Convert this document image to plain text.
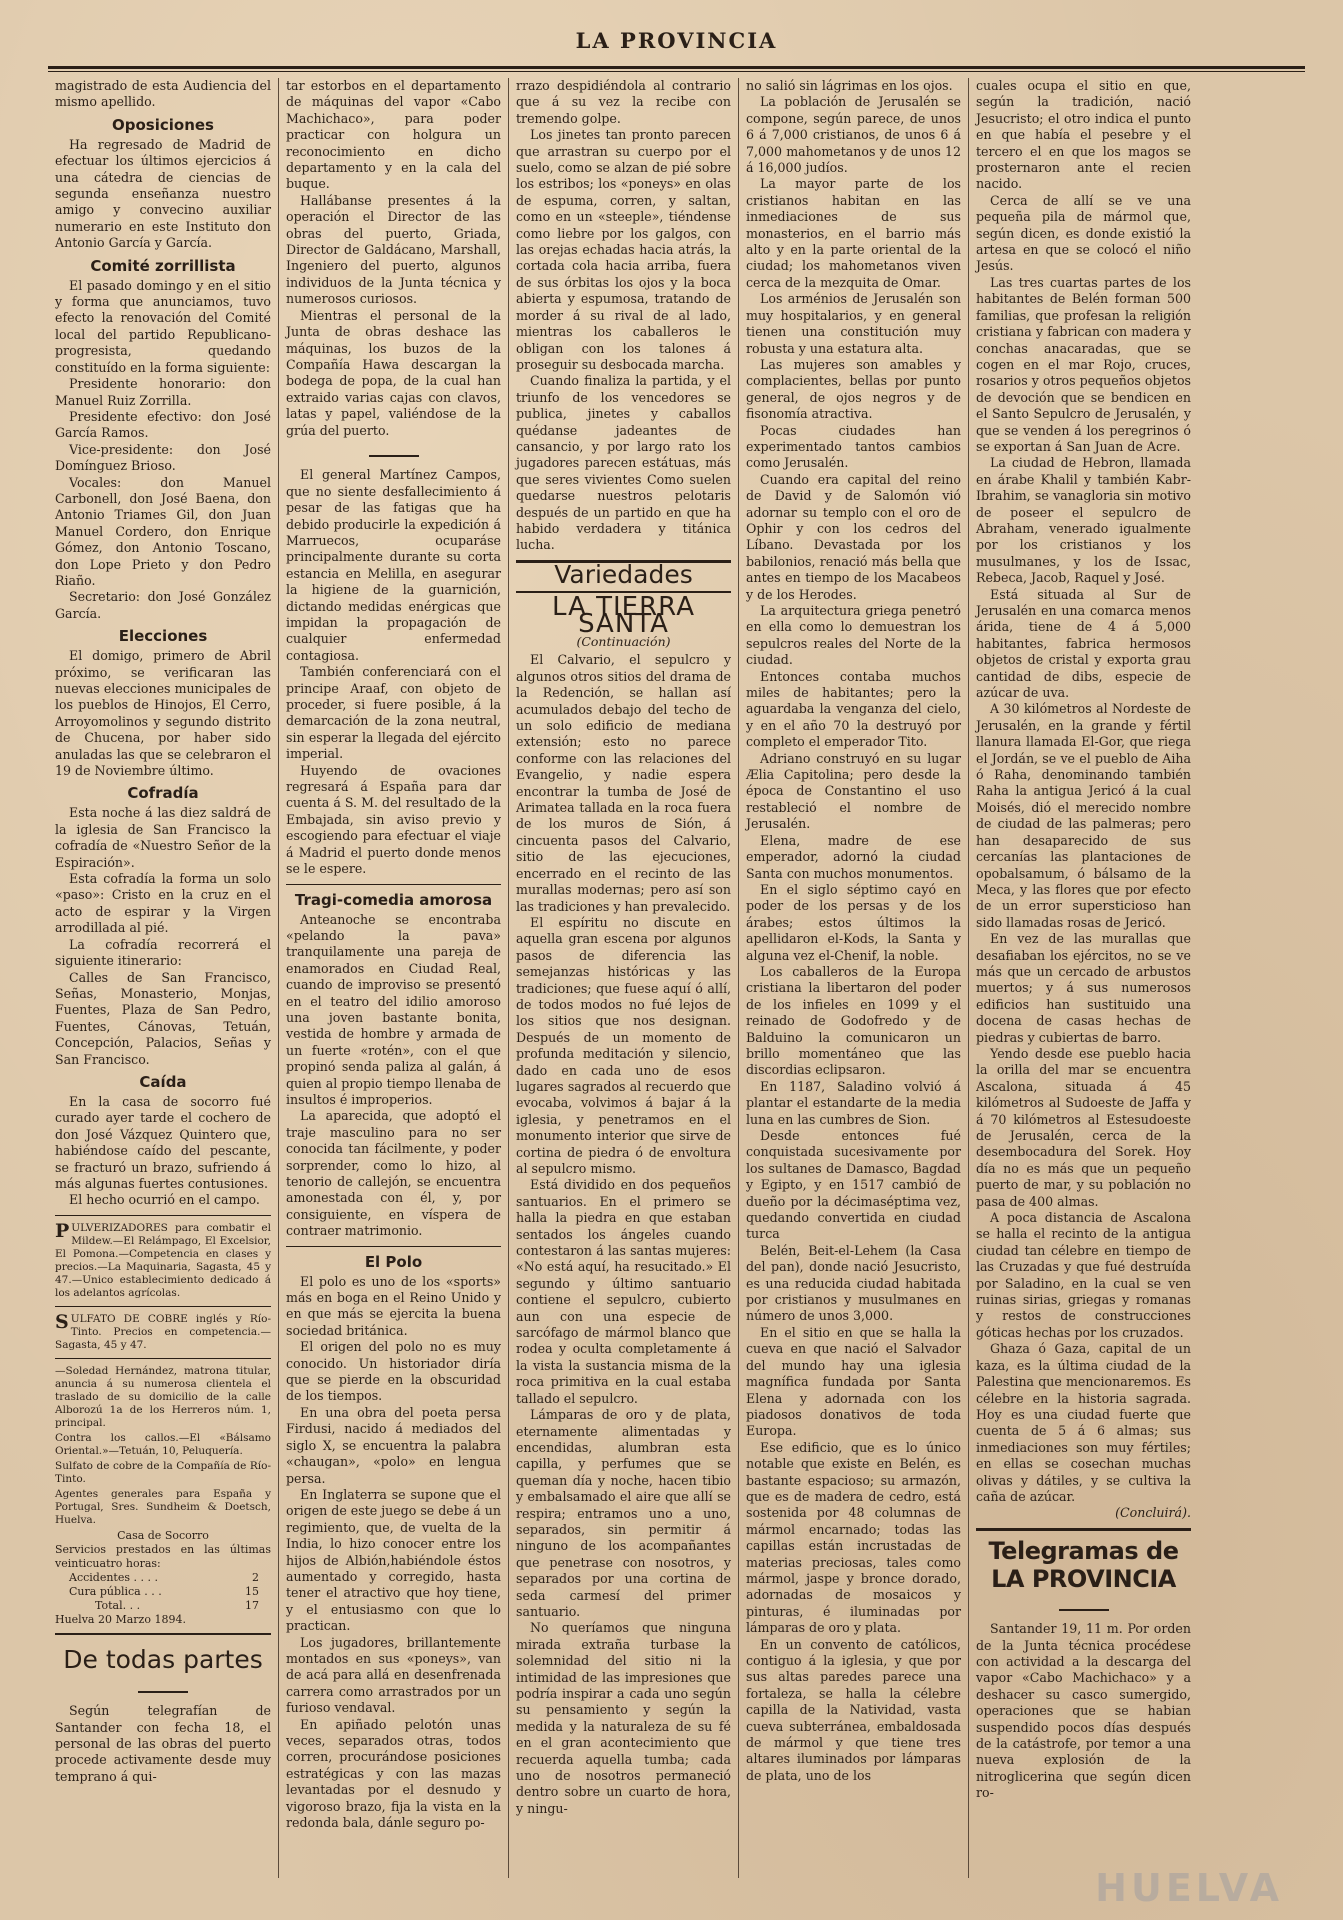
LA PROVINCIA

magistrado de esta Audiencia del mismo apellido.

Oposiciones

Ha regresado de Madrid de efectuar los últimos ejercicios á una cátedra de ciencias de segunda enseñanza nuestro amigo y convecino auxiliar numerario en este Instituto don Antonio García y García.

Comité zorrillista

El pasado domingo y en el sitio y forma que anunciamos, tuvo efecto la renovación del Comité local del partido Republicano-progresista, quedando constituído en la forma siguiente:

Presidente honorario: don Manuel Ruiz Zorrilla.

Presidente efectivo: don José García Ramos.

Vice-presidente: don José Domínguez Brioso.

Vocales: don Manuel Carbonell, don José Baena, don Antonio Triames Gil, don Juan Manuel Cordero, don Enrique Gómez, don Antonio Toscano, don Lope Prieto y don Pedro Riaño.

Secretario: don José González García.

Elecciones

El domigo, primero de Abril próximo, se verificaran las nuevas elecciones municipales de los pueblos de Hinojos, El Cerro, Arroyomolinos y segundo distrito de Chucena, por haber sido anuladas las que se celebraron el 19 de Noviembre último.

Cofradía

Esta noche á las diez saldrá de la iglesia de San Francisco la cofradía de «Nuestro Señor de la Espiración».

Esta cofradía la forma un solo «paso»: Cristo en la cruz en el acto de espirar y la Virgen arrodillada al pié.

La cofradía recorrerá el siguiente itinerario:

Calles de San Francisco, Señas, Monasterio, Monjas, Fuentes, Plaza de San Pedro, Fuentes, Cánovas, Tetuán, Concepción, Palacios, Señas y San Francisco.

Caída

En la casa de socorro fué curado ayer tarde el cochero de don José Vázquez Quintero que, habiéndose caído del pescante, se fracturó un brazo, sufriendo á más algunas fuertes contusiones.

El hecho ocurrió en el campo.

PULVERIZADORES para combatir el Mildew.—El Relámpago, El Excelsior, El Pomona.—Competencia en clases y precios.—La Maquinaria, Sagasta, 45 y 47.—Unico establecimiento dedicado á los adelantos agrícolas.

SULFATO DE COBRE inglés y Río-Tinto. Precios en competencia.—Sagasta, 45 y 47.

—Soledad Hernández, matrona titular, anuncia á su numerosa clientela el traslado de su domicilio de la calle Alborozú 1a de los Herreros núm. 1, principal.

Contra los callos.—El «Bálsamo Oriental.»—Tetuán, 10, Peluquería.

Sulfato de cobre de la Compañía de Río-Tinto.

Agentes generales para España y Portugal, Sres. Sundheim & Doetsch, Huelva.

Casa de Socorro
Servicios prestados en las últimas veinticuatro horas:
Accidentes . . . .	2
Cura pública . . .	15
Total. . .	17
Huelva 20 Marzo 1894.
De todas partes

Según telegrafían de Santander con fecha 18, el personal de las obras del puerto procede activamente desde muy temprano á qui-

tar estorbos en el departamento de máquinas del vapor «Cabo Machichaco», para poder practicar con holgura un reconocimiento en dicho departamento y en la cala del buque.

Hallábanse presentes á la operación el Director de las obras del puerto, Griada, Director de Galdácano, Marshall, Ingeniero del puerto, algunos individuos de la Junta técnica y numerosos curiosos.

Mientras el personal de la Junta de obras deshace las máquinas, los buzos de la Compañía Hawa descargan la bodega de popa, de la cual han extraido varias cajas con clavos, latas y papel, valiéndose de la grúa del puerto.

El general Martínez Campos, que no siente desfallecimiento á pesar de las fatigas que ha debido producirle la expedición á Marruecos, ocuparáse principalmente durante su corta estancia en Melilla, en asegurar la higiene de la guarnición, dictando medidas enérgicas que impidan la propagación de cualquier enfermedad contagiosa.

También conferenciará con el principe Araaf, con objeto de proceder, si fuere posible, á la demarcación de la zona neutral, sin esperar la llegada del ejército imperial.

Huyendo de ovaciones regresará á España para dar cuenta á S. M. del resultado de la Embajada, sin aviso previo y escogiendo para efectuar el viaje á Madrid el puerto donde menos se le espere.

Tragi-comedia amorosa

Anteanoche se encontraba «pelando la pava» tranquilamente una pareja de enamorados en Ciudad Real, cuando de improviso se presentó en el teatro del idilio amoroso una joven bastante bonita, vestida de hombre y armada de un fuerte «rotén», con el que propinó senda paliza al galán, á quien al propio tiempo llenaba de insultos é improperios.

La aparecida, que adoptó el traje masculino para no ser conocida tan fácilmente, y poder sorprender, como lo hizo, al tenorio de callejón, se encuentra amonestada con él, y, por consiguiente, en víspera de contraer matrimonio.

El Polo

El polo es uno de los «sports» más en boga en el Reino Unido y en que más se ejercita la buena sociedad británica.

El origen del polo no es muy conocido. Un historiador diría que se pierde en la obscuridad de los tiempos.

En una obra del poeta persa Firdusi, nacido á mediados del siglo X, se encuentra la palabra «chaugan», «polo» en lengua persa.

En Inglaterra se supone que el origen de este juego se debe á un regimiento, que, de vuelta de la India, lo hizo conocer entre los hijos de Albión,habiéndole éstos aumentado y corregido, hasta tener el atractivo que hoy tiene, y el entusiasmo con que lo practican.

Los jugadores, brillantemente montados en sus «poneys», van de acá para allá en desenfrenada carrera como arrastrados por un furioso vendaval.

En apiñado pelotón unas veces, separados otras, todos corren, procurándose posiciones estratégicas y con las mazas levantadas por el desnudo y vigoroso brazo, fija la vista en la redonda bala, dánle seguro po-

rrazo despidiéndola al contrario que á su vez la recibe con tremendo golpe.

Los jinetes tan pronto parecen que arrastran su cuerpo por el suelo, como se alzan de pié sobre los estribos; los «poneys» en olas de espuma, corren, y saltan, como en un «steeple», tiéndense como liebre por los galgos, con las orejas echadas hacia atrás, la cortada cola hacia arriba, fuera de sus órbitas los ojos y la boca abierta y espumosa, tratando de morder á su rival de al lado, mientras los caballeros le obligan con los talones á proseguir su desbocada marcha.

Cuando finaliza la partida, y el triunfo de los vencedores se publica, jinetes y caballos quédanse jadeantes de cansancio, y por largo rato los jugadores parecen estátuas, más que seres vivientes Como suelen quedarse nuestros pelotaris después de un partido en que ha habido verdadera y titánica lucha.

Variedades
LA TIERRA SANTA
(Continuación)

El Calvario, el sepulcro y algunos otros sitios del drama de la Redención, se hallan así acumulados debajo del techo de un solo edificio de mediana extensión; esto no parece conforme con las relaciones del Evangelio, y nadie espera encontrar la tumba de José de Arimatea tallada en la roca fuera de los muros de Sión, á cincuenta pasos del Calvario, sitio de las ejecuciones, encerrado en el recinto de las murallas modernas; pero así son las tradiciones y han prevalecido.

El espíritu no discute en aquella gran escena por algunos pasos de diferencia las semejanzas históricas y las tradiciones; que fuese aquí ó allí, de todos modos no fué lejos de los sitios que nos designan. Después de un momento de profunda meditación y silencio, dado en cada uno de esos lugares sagrados al recuerdo que evocaba, volvimos á bajar á la iglesia, y penetramos en el monumento interior que sirve de cortina de piedra ó de envoltura al sepulcro mismo.

Está dividido en dos pequeños santuarios. En el primero se halla la piedra en que estaban sentados los ángeles cuando contestaron á las santas mujeres: «No está aquí, ha resucitado.» El segundo y último santuario contiene el sepulcro, cubierto aun con una especie de sarcófago de mármol blanco que rodea y oculta completamente á la vista la sustancia misma de la roca primitiva en la cual estaba tallado el sepulcro.

Lámparas de oro y de plata, eternamente alimentadas y encendidas, alumbran esta capilla, y perfumes que se queman día y noche, hacen tibio y embalsamado el aire que allí se respira; entramos uno a uno, separados, sin permitir á ninguno de los acompañantes que penetrase con nosotros, y separados por una cortina de seda carmesí del primer santuario.

No queríamos que ninguna mirada extraña turbase la solemnidad del sitio ni la intimidad de las impresiones que podría inspirar a cada uno según su pensamiento y según la medida y la naturaleza de su fé en el gran acontecimiento que recuerda aquella tumba; cada uno de nosotros permaneció dentro sobre un cuarto de hora, y ningu-

no salió sin lágrimas en los ojos.

La población de Jerusalén se compone, según parece, de unos 6 á 7,000 cristianos, de unos 6 á 7,000 mahometanos y de unos 12 á 16,000 judíos.

La mayor parte de los cristianos habitan en las inmediaciones de sus monasterios, en el barrio más alto y en la parte oriental de la ciudad; los mahometanos viven cerca de la mezquita de Omar.

Los arménios de Jerusalén son muy hospitalarios, y en general tienen una constitución muy robusta y una estatura alta.

Las mujeres son amables y complacientes, bellas por punto general, de ojos negros y de fisonomía atractiva.

Pocas ciudades han experimentado tantos cambios como Jerusalén.

Cuando era capital del reino de David y de Salomón vió adornar su templo con el oro de Ophir y con los cedros del Líbano. Devastada por los babilonios, renació más bella que antes en tiempo de los Macabeos y de los Herodes.

La arquitectura griega penetró en ella como lo demuestran los sepulcros reales del Norte de la ciudad.

Entonces contaba muchos miles de habitantes; pero la aguardaba la venganza del cielo, y en el año 70 la destruyó por completo el emperador Tito.

Adriano construyó en su lugar Ælia Capitolina; pero desde la época de Constantino el uso restableció el nombre de Jerusalén.

Elena, madre de ese emperador, adornó la ciudad Santa con muchos monumentos.

En el siglo séptimo cayó en poder de los persas y de los árabes; estos últimos la apellidaron el-Kods, la Santa y alguna vez el-Chenif, la noble.

Los caballeros de la Europa cristiana la libertaron del poder de los infieles en 1099 y el reinado de Godofredo y de Balduino la comunicaron un brillo momentáneo que las discordias eclipsaron.

En 1187, Saladino volvió á plantar el estandarte de la media luna en las cumbres de Sion.

Desde entonces fué conquistada sucesivamente por los sultanes de Damasco, Bagdad y Egipto, y en 1517 cambió de dueño por la décimaséptima vez, quedando convertida en ciudad turca

Belén, Beit-el-Lehem (la Casa del pan), donde nació Jesucristo, es una reducida ciudad habitada por cristianos y musulmanes en número de unos 3,000.

En el sitio en que se halla la cueva en que nació el Salvador del mundo hay una iglesia magnífica fundada por Santa Elena y adornada con los piadosos donativos de toda Europa.

Ese edificio, que es lo único notable que existe en Belén, es bastante espacioso; su armazón, que es de madera de cedro, está sostenida por 48 columnas de mármol encarnado; todas las capillas están incrustadas de materias preciosas, tales como mármol, jaspe y bronce dorado, adornadas de mosaicos y pinturas, é iluminadas por lámparas de oro y plata.

En un convento de católicos, contiguo á la iglesia, y que por sus altas paredes parece una fortaleza, se halla la célebre capilla de la Natividad, vasta cueva subterránea, embaldosada de mármol y que tiene tres altares iluminados por lámparas de plata, uno de los

cuales ocupa el sitio en que, según la tradición, nació Jesucristo; el otro indica el punto en que había el pesebre y el tercero el en que los magos se prosternaron ante el recien nacido.

Cerca de allí se ve una pequeña pila de mármol que, según dicen, es donde existió la artesa en que se colocó el niño Jesús.

Las tres cuartas partes de los habitantes de Belén forman 500 familias, que profesan la religión cristiana y fabrican con madera y conchas anacaradas, que se cogen en el mar Rojo, cruces, rosarios y otros pequeños objetos de devoción que se bendicen en el Santo Sepulcro de Jerusalén, y que se venden á los peregrinos ó se exportan á San Juan de Acre.

La ciudad de Hebron, llamada en árabe Khalil y también Kabr-Ibrahim, se vanagloria sin motivo de poseer el sepulcro de Abraham, venerado igualmente por los cristianos y los musulmanes, y los de Issac, Rebeca, Jacob, Raquel y José.

Está situada al Sur de Jerusalén en una comarca menos árida, tiene de 4 á 5,000 habitantes, fabrica hermosos objetos de cristal y exporta grau cantidad de dibs, especie de azúcar de uva.

A 30 kilómetros al Nordeste de Jerusalén, en la grande y fértil llanura llamada El-Gor, que riega el Jordán, se ve el pueblo de Aiha ó Raha, denominando también Raha la antigua Jericó á la cual Moisés, dió el merecido nombre de ciudad de las palmeras; pero han desaparecido de sus cercanías las plantaciones de opobalsamum, ó bálsamo de la Meca, y las flores que por efecto de un error supersticioso han sido llamadas rosas de Jericó.

En vez de las murallas que desafiaban los ejércitos, no se ve más que un cercado de arbustos muertos; y á sus numerosos edificios han sustituido una docena de casas hechas de piedras y cubiertas de barro.

Yendo desde ese pueblo hacia la orilla del mar se encuentra Ascalona, situada á 45 kilómetros al Sudoeste de Jaffa y á 70 kilómetros al Estesudoeste de Jerusalén, cerca de la desembocadura del Sorek. Hoy día no es más que un pequeño puerto de mar, y su población no pasa de 400 almas.

A poca distancia de Ascalona se halla el recinto de la antigua ciudad tan célebre en tiempo de las Cruzadas y que fué destruída por Saladino, en la cual se ven ruinas sirias, griegas y romanas y restos de construcciones góticas hechas por los cruzados.

Ghaza ó Gaza, capital de un kaza, es la última ciudad de la Palestina que mencionaremos. Es célebre en la historia sagrada. Hoy es una ciudad fuerte que cuenta de 5 á 6 almas; sus inmediaciones son muy fértiles; en ellas se cosechan muchas olivas y dátiles, y se cultiva la caña de azúcar.

(Concluirá).
Telegramas de LA PROVINCIA

Santander 19, 11 m. Por orden de la Junta técnica procédese con actividad a la descarga del vapor «Cabo Machichaco» y a deshacer su casco sumergido, operaciones que se habian suspendido pocos días después de la catástrofe, por temor a una nueva explosión de la nitroglicerina que según dicen ro-

HUELVA
